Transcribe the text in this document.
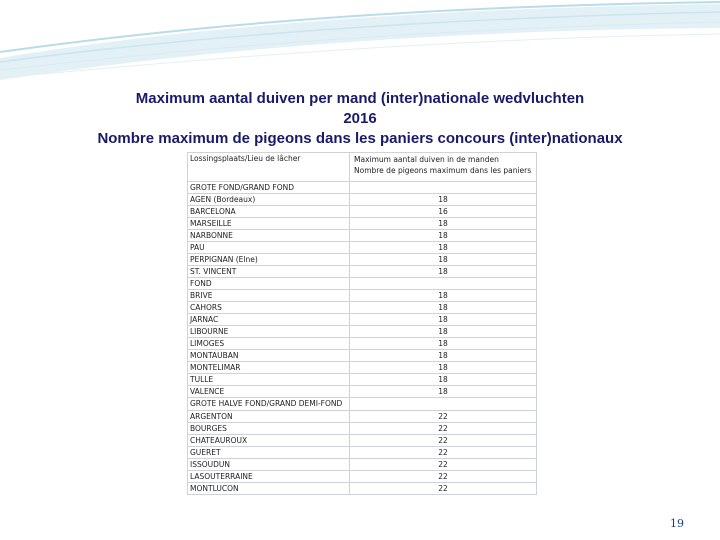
Maximum aantal duiven per mand (inter)nationale wedvluchten
2016
Nombre maximum de pigeons dans les paniers concours (inter)nationaux
Lossingsplaats/Lieu de lâcher	Maximum aantal duiven in de manden
Nombre de pigeons maximum dans les paniers

GROTE FOND/GRAND FOND	
AGEN (Bordeaux)	18
BARCELONA	16
MARSEILLE	18
NARBONNE	18
PAU	18
PERPIGNAN (Elne)	18
ST. VINCENT	18
FOND	
BRIVE	18
CAHORS	18
JARNAC	18
LIBOURNE	18
LIMOGES	18
MONTAUBAN	18
MONTELIMAR	18
TULLE	18
VALENCE	18
GROTE HALVE FOND/GRAND DEMI-FOND	
ARGENTON	22
BOURGES	22
CHATEAUROUX	22
GUERET	22
ISSOUDUN	22
LASOUTERRAINE	22
MONTLUCON	22
19
